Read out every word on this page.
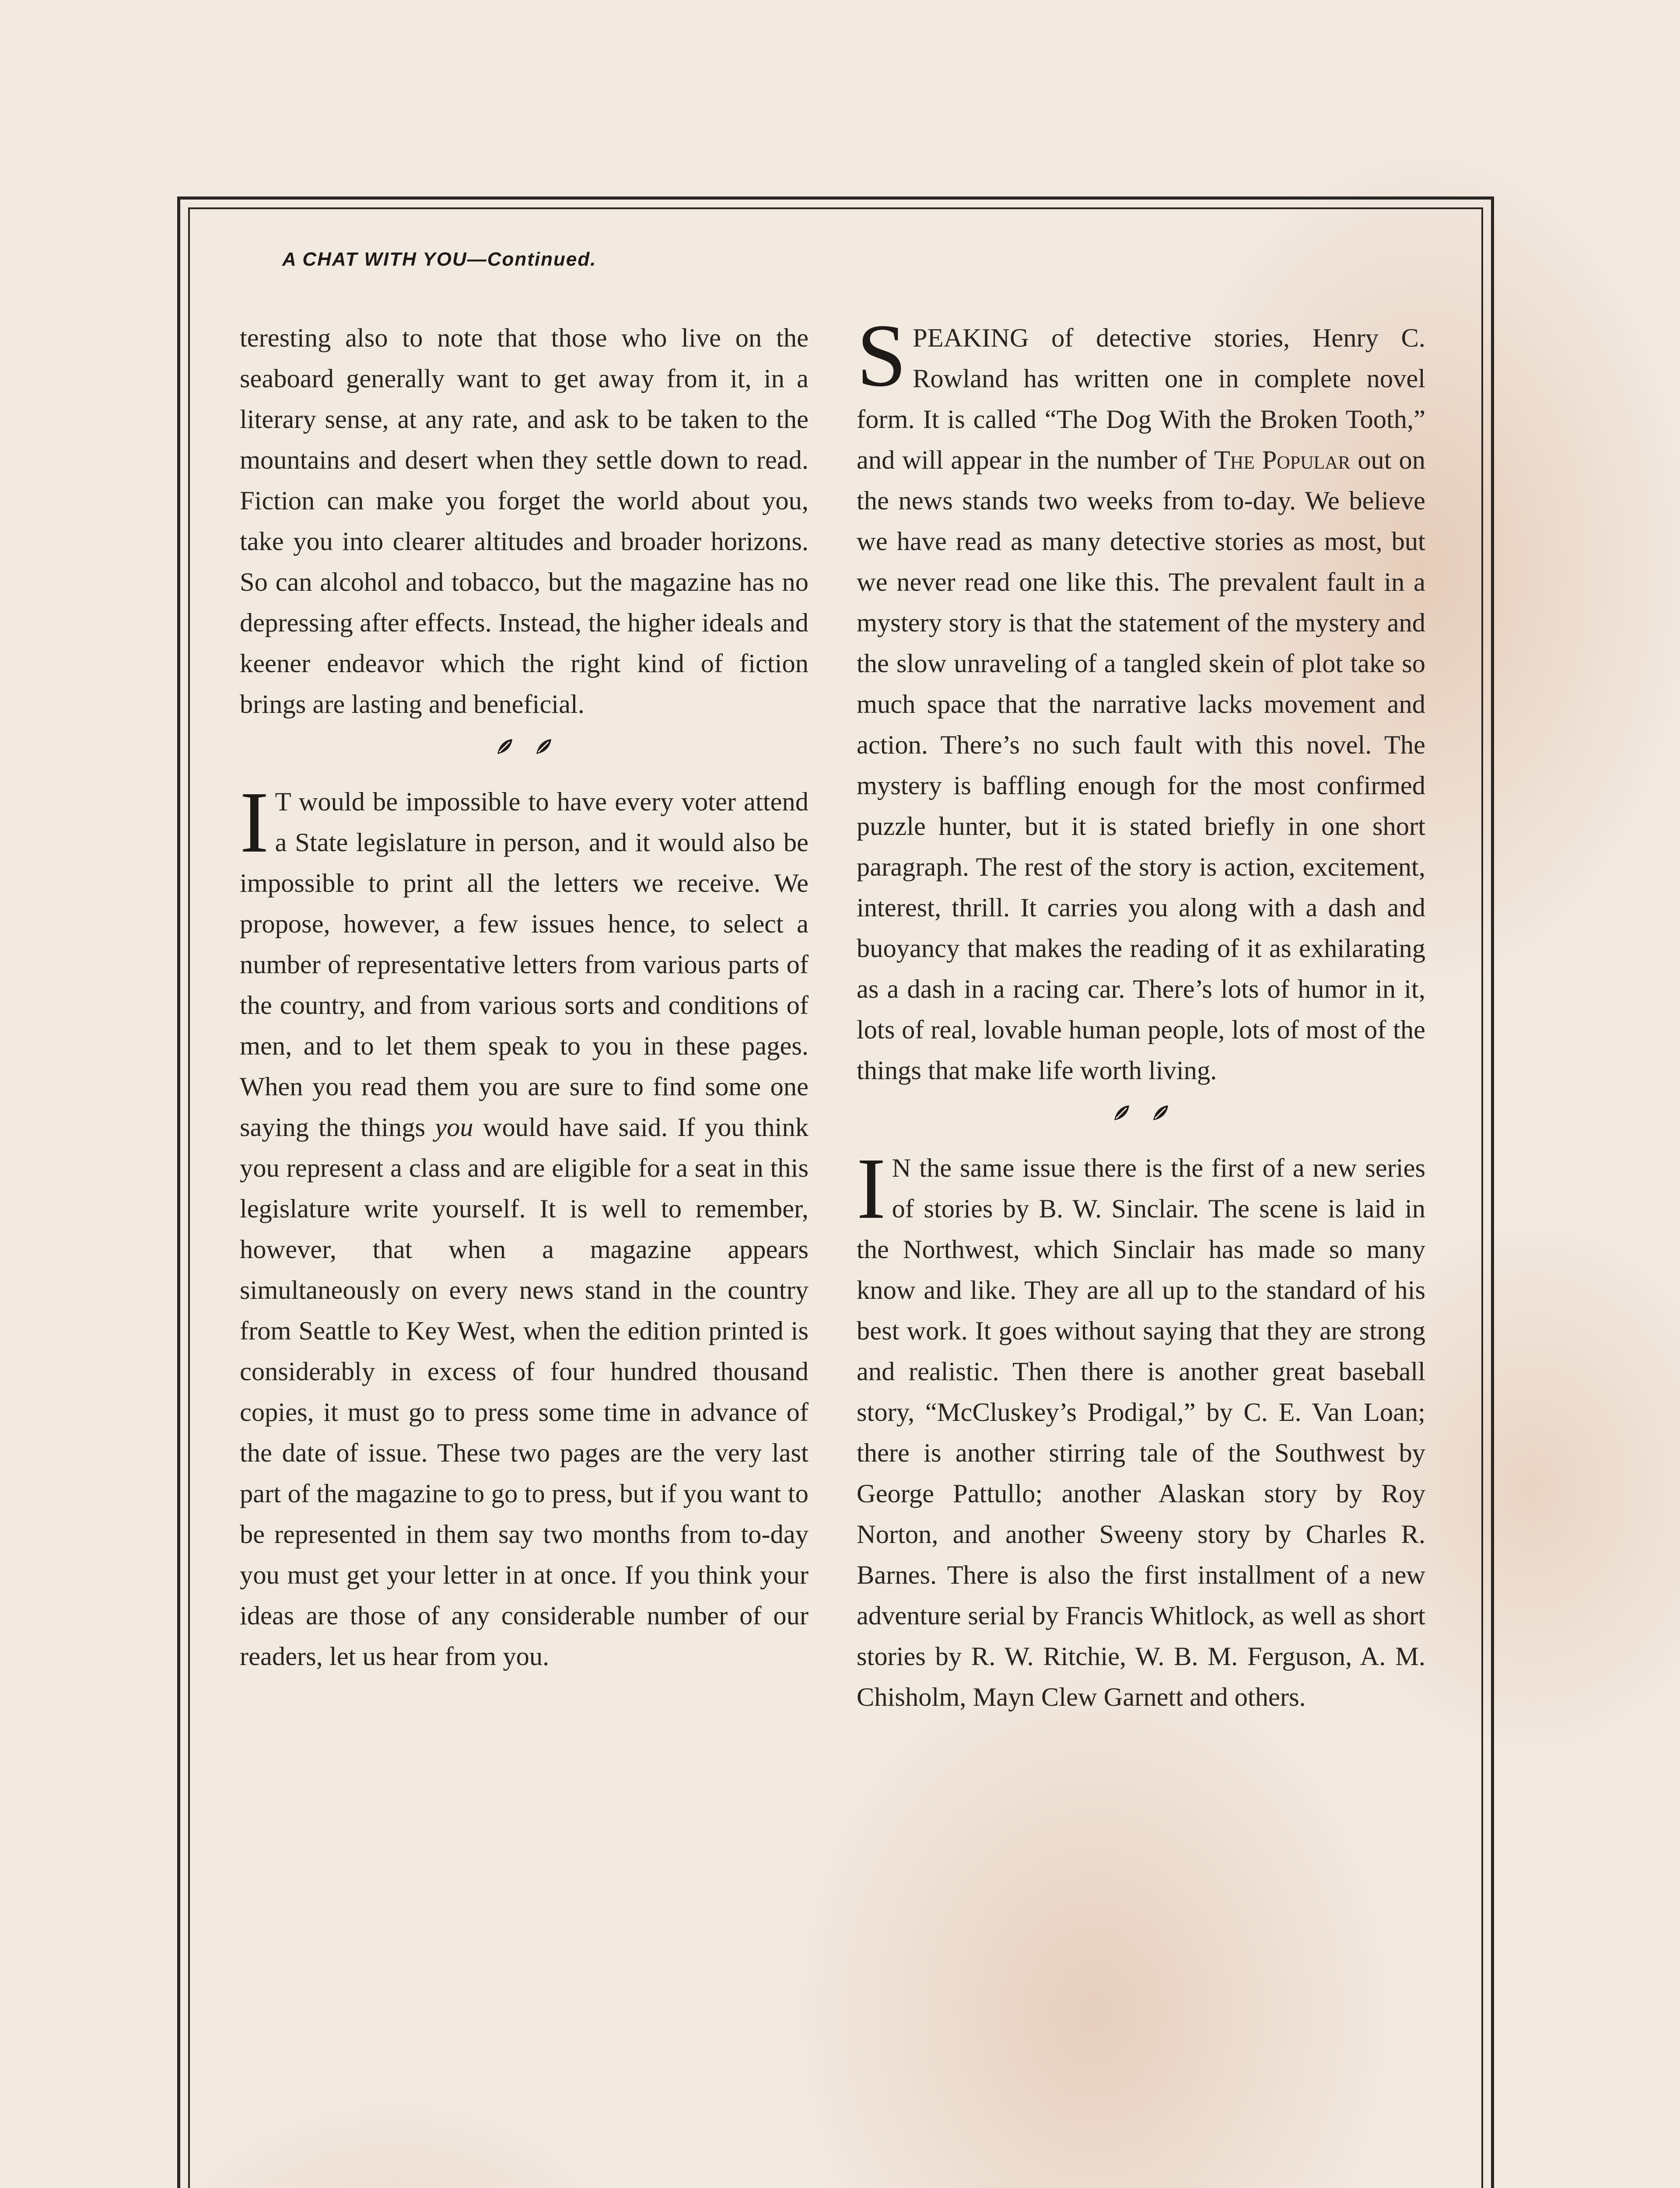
A CHAT WITH YOU—Continued.

teresting also to note that those who live on the seaboard generally want to get away from it, in a literary sense, at any rate, and ask to be taken to the mountains and desert when they settle down to read. Fiction can make you forget the world about you, take you into clearer altitudes and broader horizons. So can alcohol and tobacco, but the magazine has no depressing after effects. Instead, the higher ideals and keener endeavor which the right kind of fiction brings are lasting and beneficial.

I T would be impossible to have every voter attend a State legislature in person, and it would also be impossible to print all the letters we receive. We propose, however, a few issues hence, to select a number of representative letters from various parts of the country, and from various sorts and conditions of men, and to let them speak to you in these pages. When you read them you are sure to find some one saying the things you would have said. If you think you represent a class and are eligible for a seat in this legislature write yourself. It is well to remember, however, that when a magazine appears simultaneously on every news stand in the country from Seattle to Key West, when the edition printed is considerably in excess of four hundred thousand copies, it must go to press some time in advance of the date of issue. These two pages are the very last part of the magazine to go to press, but if you want to be represented in them say two months from to-day you must get your letter in at once. If you think your ideas are those of any considerable number of our readers, let us hear from you.

SPEAKING of detective stories, Henry C. Rowland has written one in complete novel form. It is called “The Dog With the Broken Tooth,” and will appear in the number of The Popular out on the news stands two weeks from to-day. We believe we have read as many detective stories as most, but we never read one like this. The prevalent fault in a mystery story is that the statement of the mystery and the slow unraveling of a tangled skein of plot take so much space that the narrative lacks movement and action. There’s no such fault with this novel. The mystery is baffling enough for the most confirmed puzzle hunter, but it is stated briefly in one short paragraph. The rest of the story is action, excitement, interest, thrill. It carries you along with a dash and buoyancy that makes the reading of it as exhilarating as a dash in a racing car. There’s lots of humor in it, lots of real, lovable human people, lots of most of the things that make life worth living.

I N the same issue there is the first of a new series of stories by B. W. Sinclair. The scene is laid in the Northwest, which Sinclair has made so many know and like. They are all up to the standard of his best work. It goes without saying that they are strong and realistic. Then there is another great baseball story, “McCluskey’s Prodigal,” by C. E. Van Loan; there is another stirring tale of the Southwest by George Pattullo; another Alaskan story by Roy Norton, and another Sweeny story by Charles R. Barnes. There is also the first installment of a new adventure serial by Francis Whitlock, as well as short stories by R. W. Ritchie, W. B. M. Ferguson, A. M. Chisholm, Mayn Clew Garnett and others.
